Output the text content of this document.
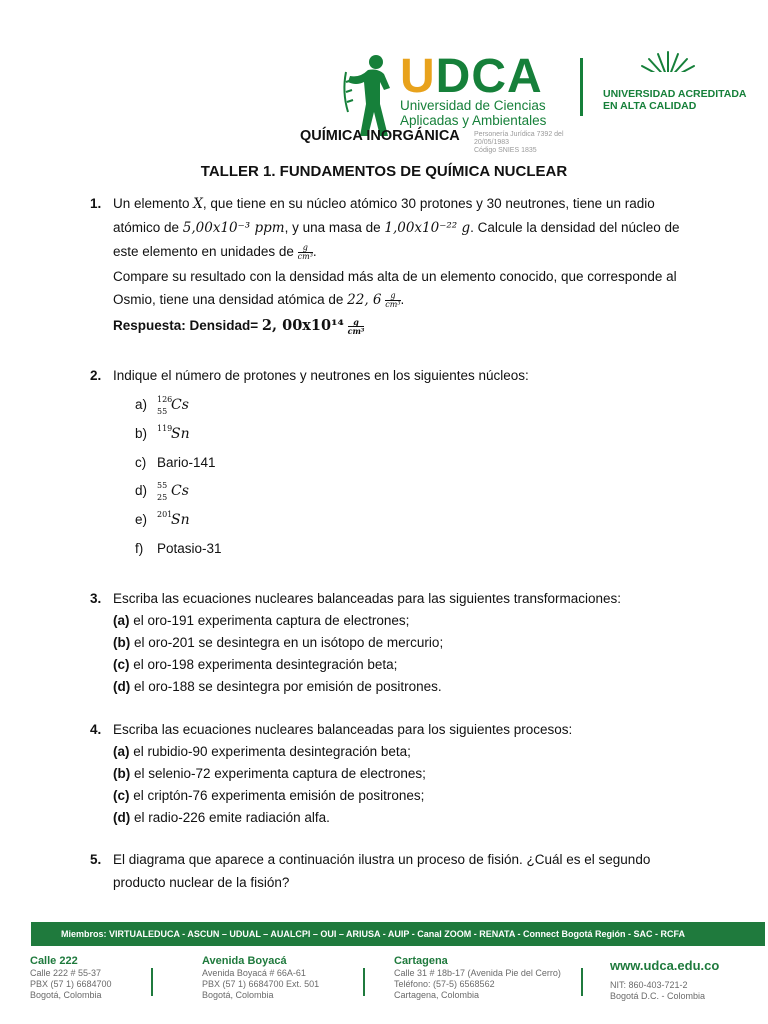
UDCA
Universidad de Ciencias
Aplicadas y Ambientales
Personería Jurídica 7392 del 20/05/1983
Código SNIES 1835
UNIVERSIDAD ACREDITADA
EN ALTA CALIDAD
QUÍMICA INORGÁNICA
TALLER 1. FUNDAMENTOS DE QUÍMICA NUCLEAR
1. Un elemento X, que tiene en su núcleo atómico 30 protones y 30 neutrones, tiene un radio atómico de 5,00x10⁻³ ppm, y una masa de 1,00x10⁻²² g. Calcule la densidad del núcleo de este elemento en unidades de $\frac{g}{\text{cm³}}$ .
Compare su resultado con la densidad más alta de un elemento conocido, que corresponde al Osmio, tiene una densidad atómica de 22, $6 \frac{g}{\text{cm³}}$ .
Respuesta: Densidad= 2, $00x10^{14} \frac{g}{\text{cm³}}$
2. Indique el número de protones y neutrones en los siguientes núcleos:
a) 126
55 Cs
b) 119
Sn
c) Bario-141
d) 55
25 Cs
e) 201
Sn
f) Potasio-31
3. Escriba las ecuaciones nucleares balanceadas para las siguientes transformaciones:
(a) el oro-191 experimenta captura de electrones;
(b) el oro-201 se desintegra en un isótopo de mercurio;
(c) el oro-198 experimenta desintegración beta;
(d) el oro-188 se desintegra por emisión de positrones.
4. Escriba las ecuaciones nucleares balanceadas para los siguientes procesos:
(a) el rubidio-90 experimenta desintegración beta;
(b) el selenio-72 experimenta captura de electrones;
(c) el criptón-76 experimenta emisión de positrones;
(d) el radio-226 emite radiación alfa.
5. El diagrama que aparece a continuación ilustra un proceso de fisión. ¿Cuál es el segundo producto nuclear de la fisión?
Miembros: VIRTUALEDUCA - ASCUN – UDUAL – AUALCPI – OUI – ARIUSA - AUIP - Canal ZOOM - RENATA - Connect Bogotá Región - SAC - RCFA
Calle 222
Calle 222 # 55-37
PBX (57 1) 6684700
Bogotá, Colombia
Avenida Boyacá
Avenida Boyacá # 66A-61
PBX (57 1) 6684700 Ext. 501
Bogotá, Colombia
Cartagena
Calle 31 # 18b-17 (Avenida Pie del Cerro)
Teléfono: (57-5) 6568562
Cartagena, Colombia
www.udca.edu.co
NIT: 860-403-721-2
Bogotá D.C. - Colombia
